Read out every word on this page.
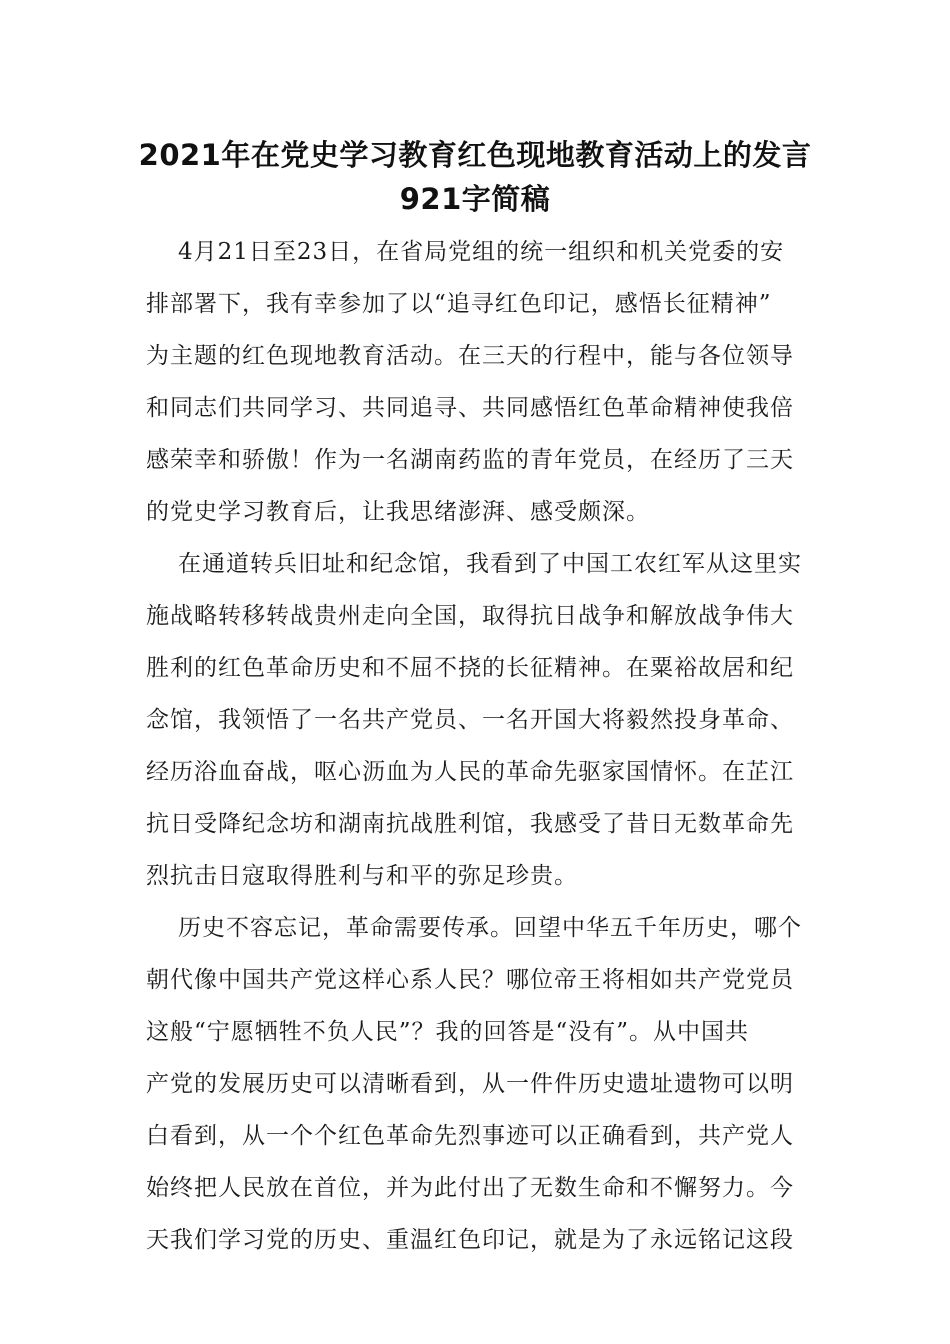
2021年在党史学习教育红色现地教育活动上的发言
921字简稿
4月21日至23日，在省局党组的统一组织和机关党委的安
排部署下，我有幸参加了以“追寻红色印记，感悟长征精神”
为主题的红色现地教育活动。在三天的行程中，能与各位领导
和同志们共同学习、共同追寻、共同感悟红色革命精神使我倍
感荣幸和骄傲！作为一名湖南药监的青年党员，在经历了三天
的党史学习教育后，让我思绪澎湃、感受颇深。
在通道转兵旧址和纪念馆，我看到了中国工农红军从这里实
施战略转移转战贵州走向全国，取得抗日战争和解放战争伟大
胜利的红色革命历史和不屈不挠的长征精神。在粟裕故居和纪
念馆，我领悟了一名共产党员、一名开国大将毅然投身革命、
经历浴血奋战，呕心沥血为人民的革命先驱家国情怀。在芷江
抗日受降纪念坊和湖南抗战胜利馆，我感受了昔日无数革命先
烈抗击日寇取得胜利与和平的弥足珍贵。
历史不容忘记，革命需要传承。回望中华五千年历史，哪个
朝代像中国共产党这样心系人民？哪位帝王将相如共产党党员
这般“宁愿牺牲不负人民”？我的回答是“没有”。从中国共
产党的发展历史可以清晰看到，从一件件历史遗址遗物可以明
白看到，从一个个红色革命先烈事迹可以正确看到，共产党人
始终把人民放在首位，并为此付出了无数生命和不懈努力。今
天我们学习党的历史、重温红色印记，就是为了永远铭记这段
